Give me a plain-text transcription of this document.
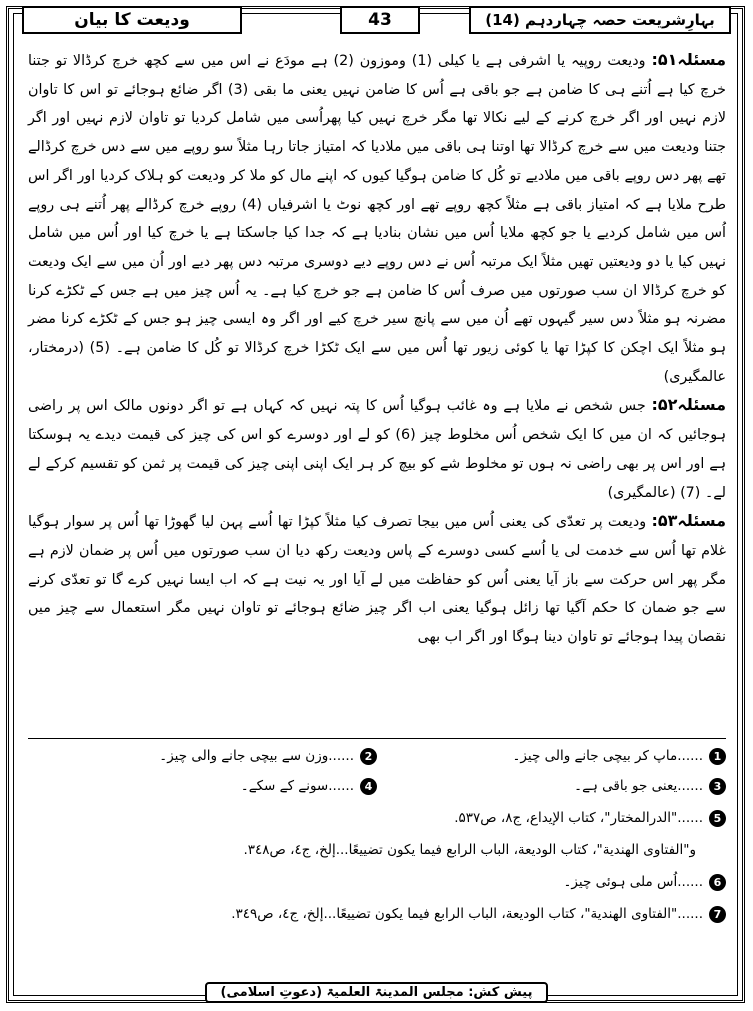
بہارِشریعت حصہ چہاردہم (14)
43
ودیعت کا بیان

مسئلہ۵۱: ودیعت روپیہ یا اشرفی ہے یا کیلی (1) وموزون (2) ہے مودَع نے اس میں سے کچھ خرچ کرڈالا تو جتنا خرچ کیا ہے اُتنے ہی کا ضامن ہے جو باقی ہے اُس کا ضامن نہیں یعنی ما بقی (3) اگر ضائع ہوجائے تو اس کا تاوان لازم نہیں اور اگر خرچ کرنے کے لیے نکالا تھا مگر خرچ نہیں کیا پھراُسی میں شامل کردیا تو تاوان لازم نہیں اور اگر جتنا ودیعت میں سے خرچ کرڈالا تھا اوتنا ہی باقی میں ملادیا کہ امتیاز جاتا رہا مثلاً سو روپے میں سے دس خرچ کرڈالے تھے پھر دس روپے باقی میں ملادیے تو کُل کا ضامن ہوگیا کیوں کہ اپنے مال کو ملا کر ودیعت کو ہلاک کردیا اور اگر اس طرح ملایا ہے کہ امتیاز باقی ہے مثلاً کچھ روپے تھے اور کچھ نوٹ یا اشرفیاں (4) روپے خرچ کرڈالے پھر اُتنے ہی روپے اُس میں شامل کردیے یا جو کچھ ملایا اُس میں نشان بنادیا ہے کہ جدا کیا جاسکتا ہے یا خرچ کیا اور اُس میں شامل نہیں کیا یا دو ودیعتیں تھیں مثلاً ایک مرتبہ اُس نے دس روپے دیے دوسری مرتبہ دس پھر دیے اور اُن میں سے ایک ودیعت کو خرچ کرڈالا ان سب صورتوں میں صرف اُس کا ضامن ہے جو خرچ کیا ہے۔ یہ اُس چیز میں ہے جس کے ٹکڑے کرنا مضرنہ ہو مثلاً دس سیر گیہوں تھے اُن میں سے پانچ سیر خرچ کیے اور اگر وہ ایسی چیز ہو جس کے ٹکڑے کرنا مضر ہو مثلاً ایک اچکن کا کپڑا تھا یا کوئی زیور تھا اُس میں سے ایک ٹکڑا خرچ کرڈالا تو کُل کا ضامن ہے۔ (5) (درمختار، عالمگیری)

مسئلہ۵۲: جس شخص نے ملایا ہے وہ غائب ہوگیا اُس کا پتہ نہیں کہ کہاں ہے تو اگر دونوں مالک اس پر راضی ہوجائیں کہ ان میں کا ایک شخص اُس مخلوط چیز (6) کو لے اور دوسرے کو اس کی چیز کی قیمت دیدے یہ ہوسکتا ہے اور اس پر بھی راضی نہ ہوں تو مخلوط شے کو بیچ کر ہر ایک اپنی اپنی چیز کی قیمت پر ثمن کو تقسیم کرکے لے لے۔ (7) (عالمگیری)

مسئلہ۵۳: ودیعت پر تعدّی کی یعنی اُس میں بیجا تصرف کیا مثلاً کپڑا تھا اُسے پہن لیا گھوڑا تھا اُس پر سوار ہوگیا غلام تھا اُس سے خدمت لی یا اُسے کسی دوسرے کے پاس ودیعت رکھ دیا ان سب صورتوں میں اُس پر ضمان لازم ہے مگر پھر اس حرکت سے باز آیا یعنی اُس کو حفاظت میں لے آیا اور یہ نیت ہے کہ اب ایسا نہیں کرے گا تو تعدّی کرنے سے جو ضمان کا حکم آگیا تھا زائل ہوگیا یعنی اب اگر چیز ضائع ہوجائے تو تاوان نہیں مگر استعمال سے چیز میں نقصان پیدا ہوجائے تو تاوان دینا ہوگا اور اگر اب بھی

1
......ماپ کر بیچی جانے والی چیز۔
2
......وزن سے بیچی جانے والی چیز۔
3
......یعنی جو باقی ہے۔
4
......سونے کے سکے۔
5
......"الدرالمختار"، کتاب الإیداع، ج۸، ص۵۳۷.
و"الفتاوی الهندیة"، کتاب الودیعة، الباب الرابع فیما یکون تضییعًا...إلخ، ج٤، ص٣٤٨.
6
......اُس ملی ہوئی چیز۔
7
......"الفتاوی الهندیة"، کتاب الودیعة، الباب الرابع فیما یکون تضییعًا...إلخ، ج٤، ص٣٤٩.
پیش کش: مجلس المدینۃ العلمیۃ (دعوتِ اسلامی)
